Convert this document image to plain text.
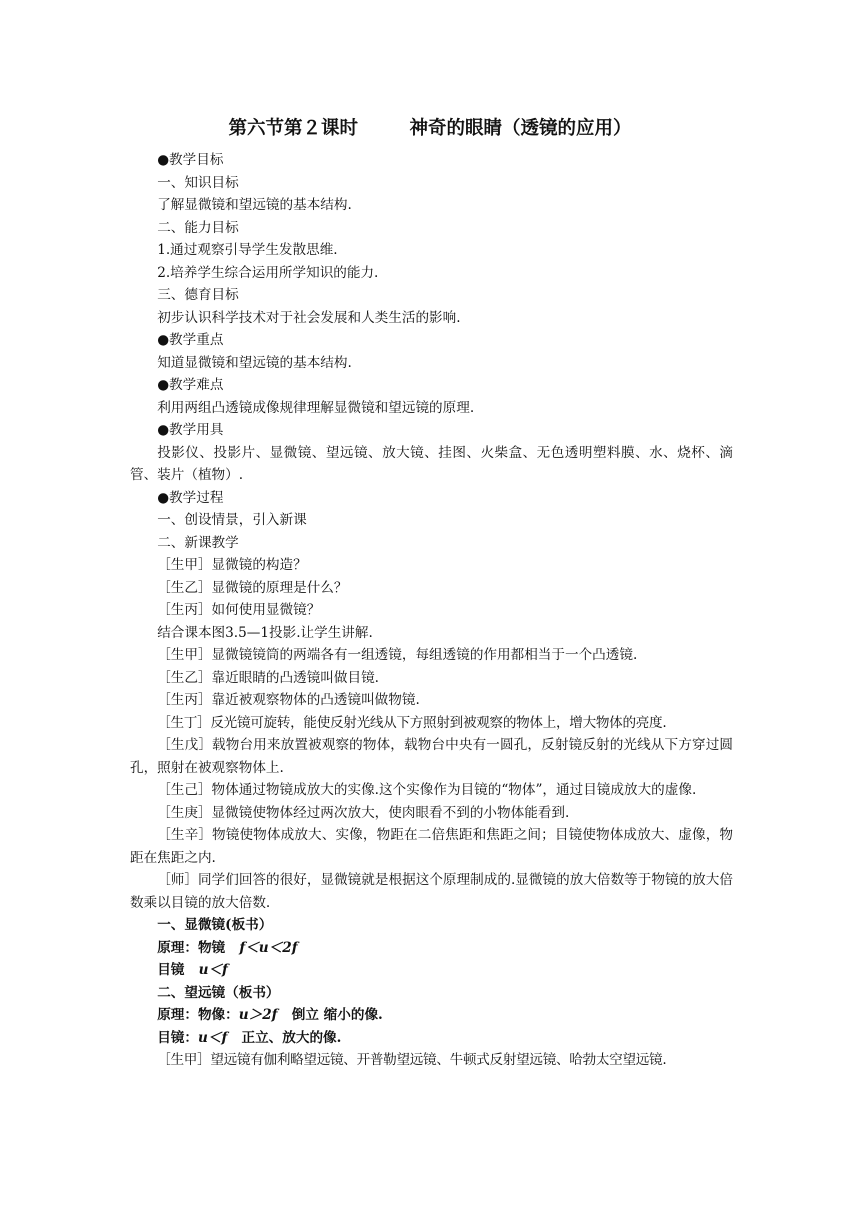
第六节第２课时        神奇的眼睛（透镜的应用）

●教学目标

一、知识目标

了解显微镜和望远镜的基本结构.

二、能力目标

1.通过观察引导学生发散思维.

2.培养学生综合运用所学知识的能力.

三、德育目标

初步认识科学技术对于社会发展和人类生活的影响.

●教学重点

知道显微镜和望远镜的基本结构.

●教学难点

利用两组凸透镜成像规律理解显微镜和望远镜的原理.

●教学用具

投影仪、投影片、显微镜、望远镜、放大镜、挂图、火柴盒、无色透明塑料膜、水、烧杯、滴管、装片（植物）.

●教学过程

一、创设情景，引入新课

二、新课教学

［生甲］显微镜的构造？

［生乙］显微镜的原理是什么？

［生丙］如何使用显微镜？

结合课本图3.5—1投影.让学生讲解.

［生甲］显微镜镜筒的两端各有一组透镜，每组透镜的作用都相当于一个凸透镜.

［生乙］靠近眼睛的凸透镜叫做目镜.

［生丙］靠近被观察物体的凸透镜叫做物镜.

［生丁］反光镜可旋转，能使反射光线从下方照射到被观察的物体上，增大物体的亮度.

［生戊］载物台用来放置被观察的物体，载物台中央有一圆孔，反射镜反射的光线从下方穿过圆孔，照射在被观察物体上.

［生己］物体通过物镜成放大的实像.这个实像作为目镜的“物体”，通过目镜成放大的虚像.

［生庚］显微镜使物体经过两次放大，使肉眼看不到的小物体能看到.

［生辛］物镜使物体成放大、实像，物距在二倍焦距和焦距之间；目镜使物体成放大、虚像，物距在焦距之内.

［师］同学们回答的很好，显微镜就是根据这个原理制成的.显微镜的放大倍数等于物镜的放大倍数乘以目镜的放大倍数.

一、显微镜(板书）

原理：物镜 f＜u＜2f

目镜 u＜f

二、望远镜（板书）

原理：物像：u＞2f 倒立 缩小的像.

目镜：u＜f 正立、放大的像.

［生甲］望远镜有伽利略望远镜、开普勒望远镜、牛顿式反射望远镜、哈勃太空望远镜.
